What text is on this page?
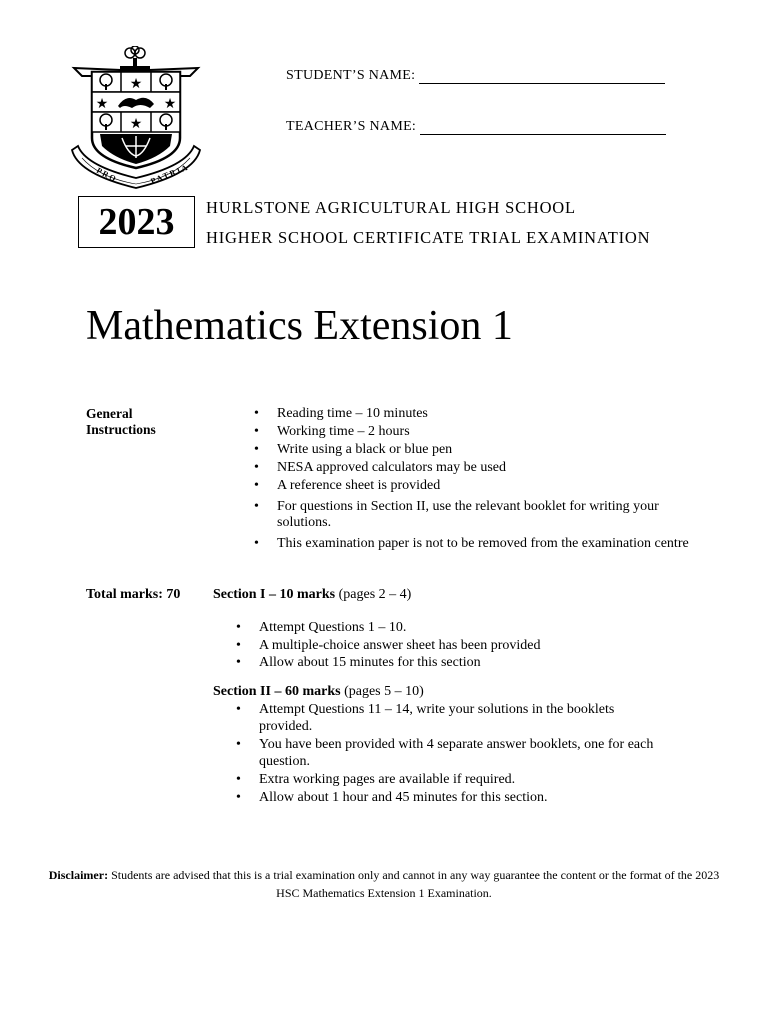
★
★	★
★
P R O	P A T R I A
STUDENT’S NAME:
TEACHER’S NAME:
2023	HURLSTONE AGRICULTURAL HIGH SCHOOL
HIGHER SCHOOL CERTIFICATE TRIAL EXAMINATION
Mathematics Extension 1
General
Instructions
• Reading time – 10 minutes
• Working time – 2 hours
• Write using a black or blue pen
• NESA approved calculators may be used
• A reference sheet is provided
• For questions in Section II, use the relevant booklet for writing your solutions.
• This examination paper is not to be removed from the examination centre
Total marks: 70 Section I – 10 marks (pages 2 – 4)
• Attempt Questions 1 – 10.
• A multiple-choice answer sheet has been provided
• Allow about 15 minutes for this section
Section II – 60 marks (pages 5 – 10)
• Attempt Questions 11 – 14, write your solutions in the booklets provided.
• You have been provided with 4 separate answer booklets, one for each question.
• Extra working pages are available if required.
• Allow about 1 hour and 45 minutes for this section.
Disclaimer: Students are advised that this is a trial examination only and cannot in any way guarantee the content or the format of the 2023 HSC Mathematics Extension 1 Examination.
